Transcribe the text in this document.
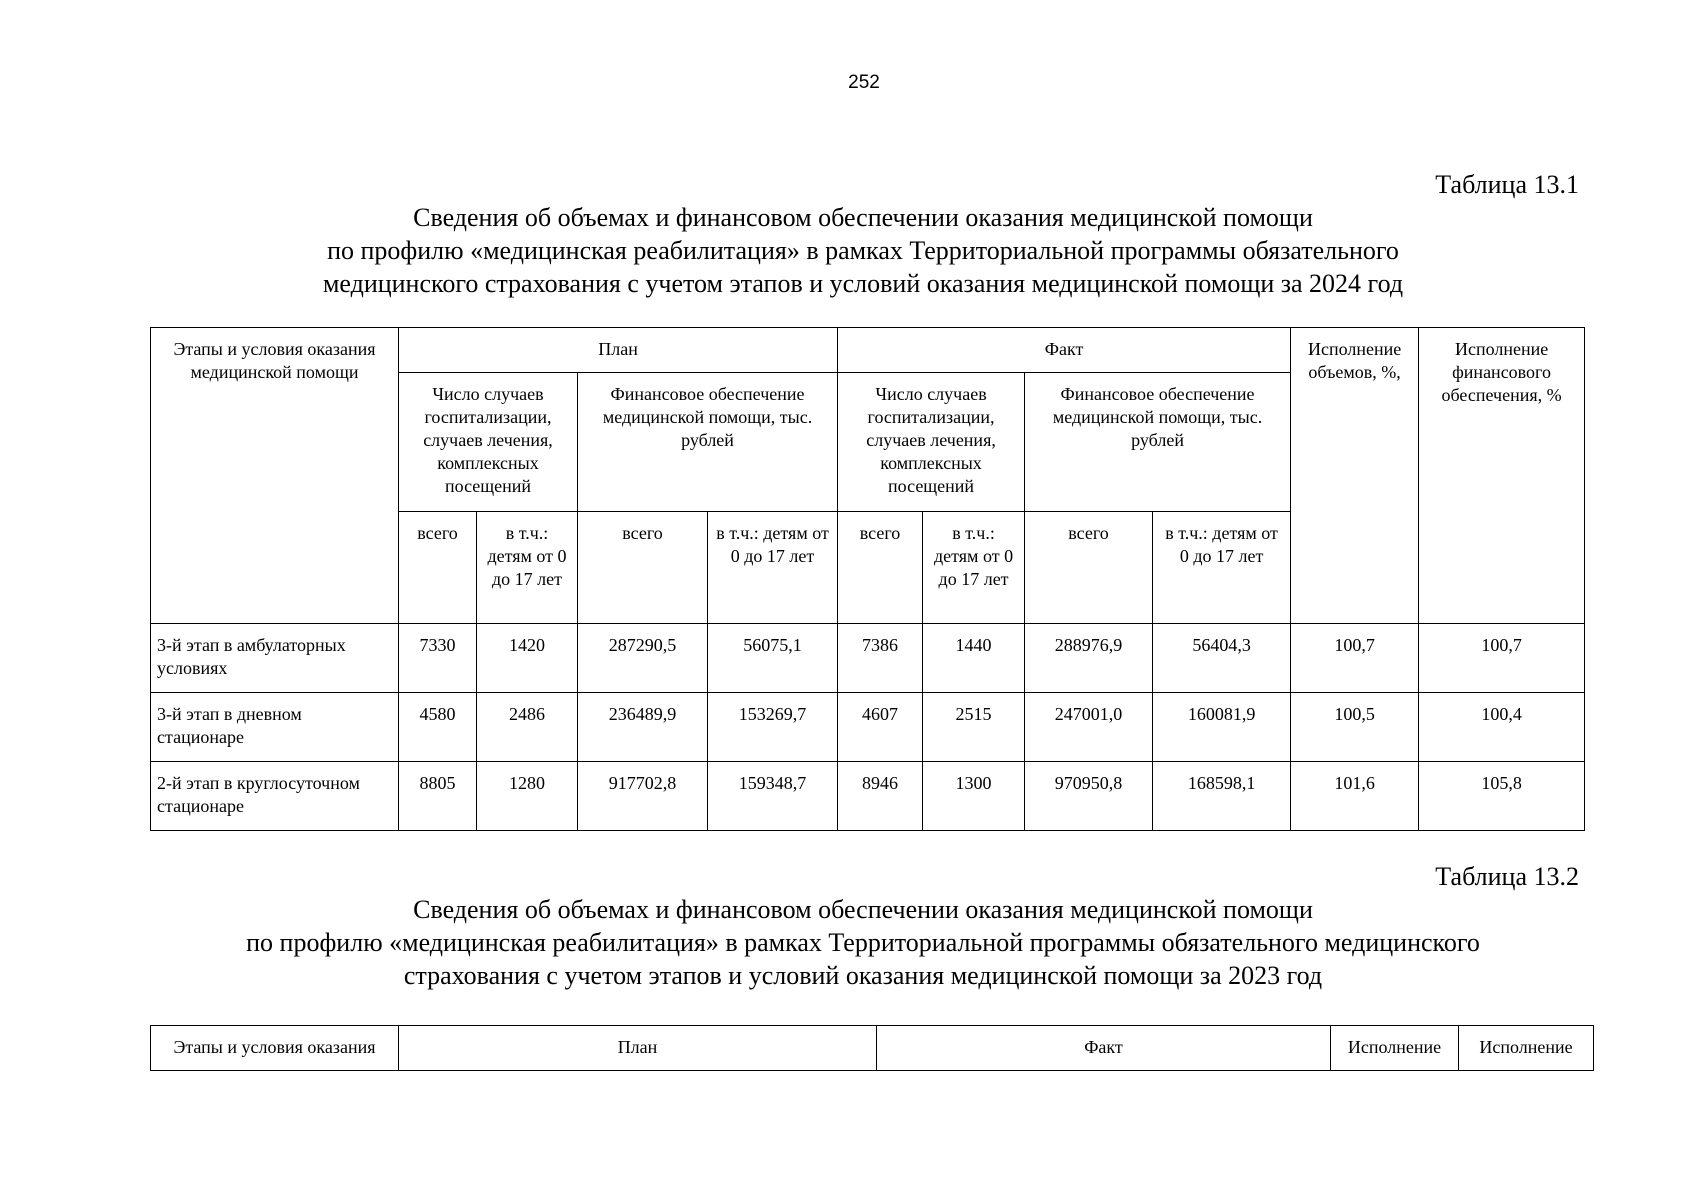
252
Таблица 13.1
Сведения об объемах и финансовом обеспечении оказания медицинской помощи
по профилю «медицинская реабилитация» в рамках Территориальной программы обязательного
медицинского страхования с учетом этапов и условий оказания медицинской помощи за 2024 год
Этапы и условия оказания медицинской помощи	План				Факт				Исполнение объемов, %,	Исполнение финансового обеспечения, %
	Число случаев госпитализации, случаев лечения, комплексных посещений		Финансовое обеспечение медицинской помощи, тыс. рублей		Число случаев госпитализации, случаев лечения, комплексных посещений		Финансовое обеспечение медицинской помощи, тыс. рублей			
	всего	в т.ч.: детям от 0 до 17 лет	всего	в т.ч.: детям от 0 до 17 лет	всего	в т.ч.: детям от 0 до 17 лет	всего	в т.ч.: детям от 0 до 17 лет		
3-й этап в амбулаторных условиях	7330	1420	287290,5	56075,1	7386	1440	288976,9	56404,3	100,7	100,7
3-й этап в дневном стационаре	4580	2486	236489,9	153269,7	4607	2515	247001,0	160081,9	100,5	100,4
2-й этап в круглосуточном стационаре	8805	1280	917702,8	159348,7	8946	1300	970950,8	168598,1	101,6	105,8
Таблица 13.2
Сведения об объемах и финансовом обеспечении оказания медицинской помощи
по профилю «медицинская реабилитация» в рамках Территориальной программы обязательного медицинского
страхования с учетом этапов и условий оказания медицинской помощи за 2023 год
Этапы и условия оказания	План	Факт	Исполнение	Исполнение
